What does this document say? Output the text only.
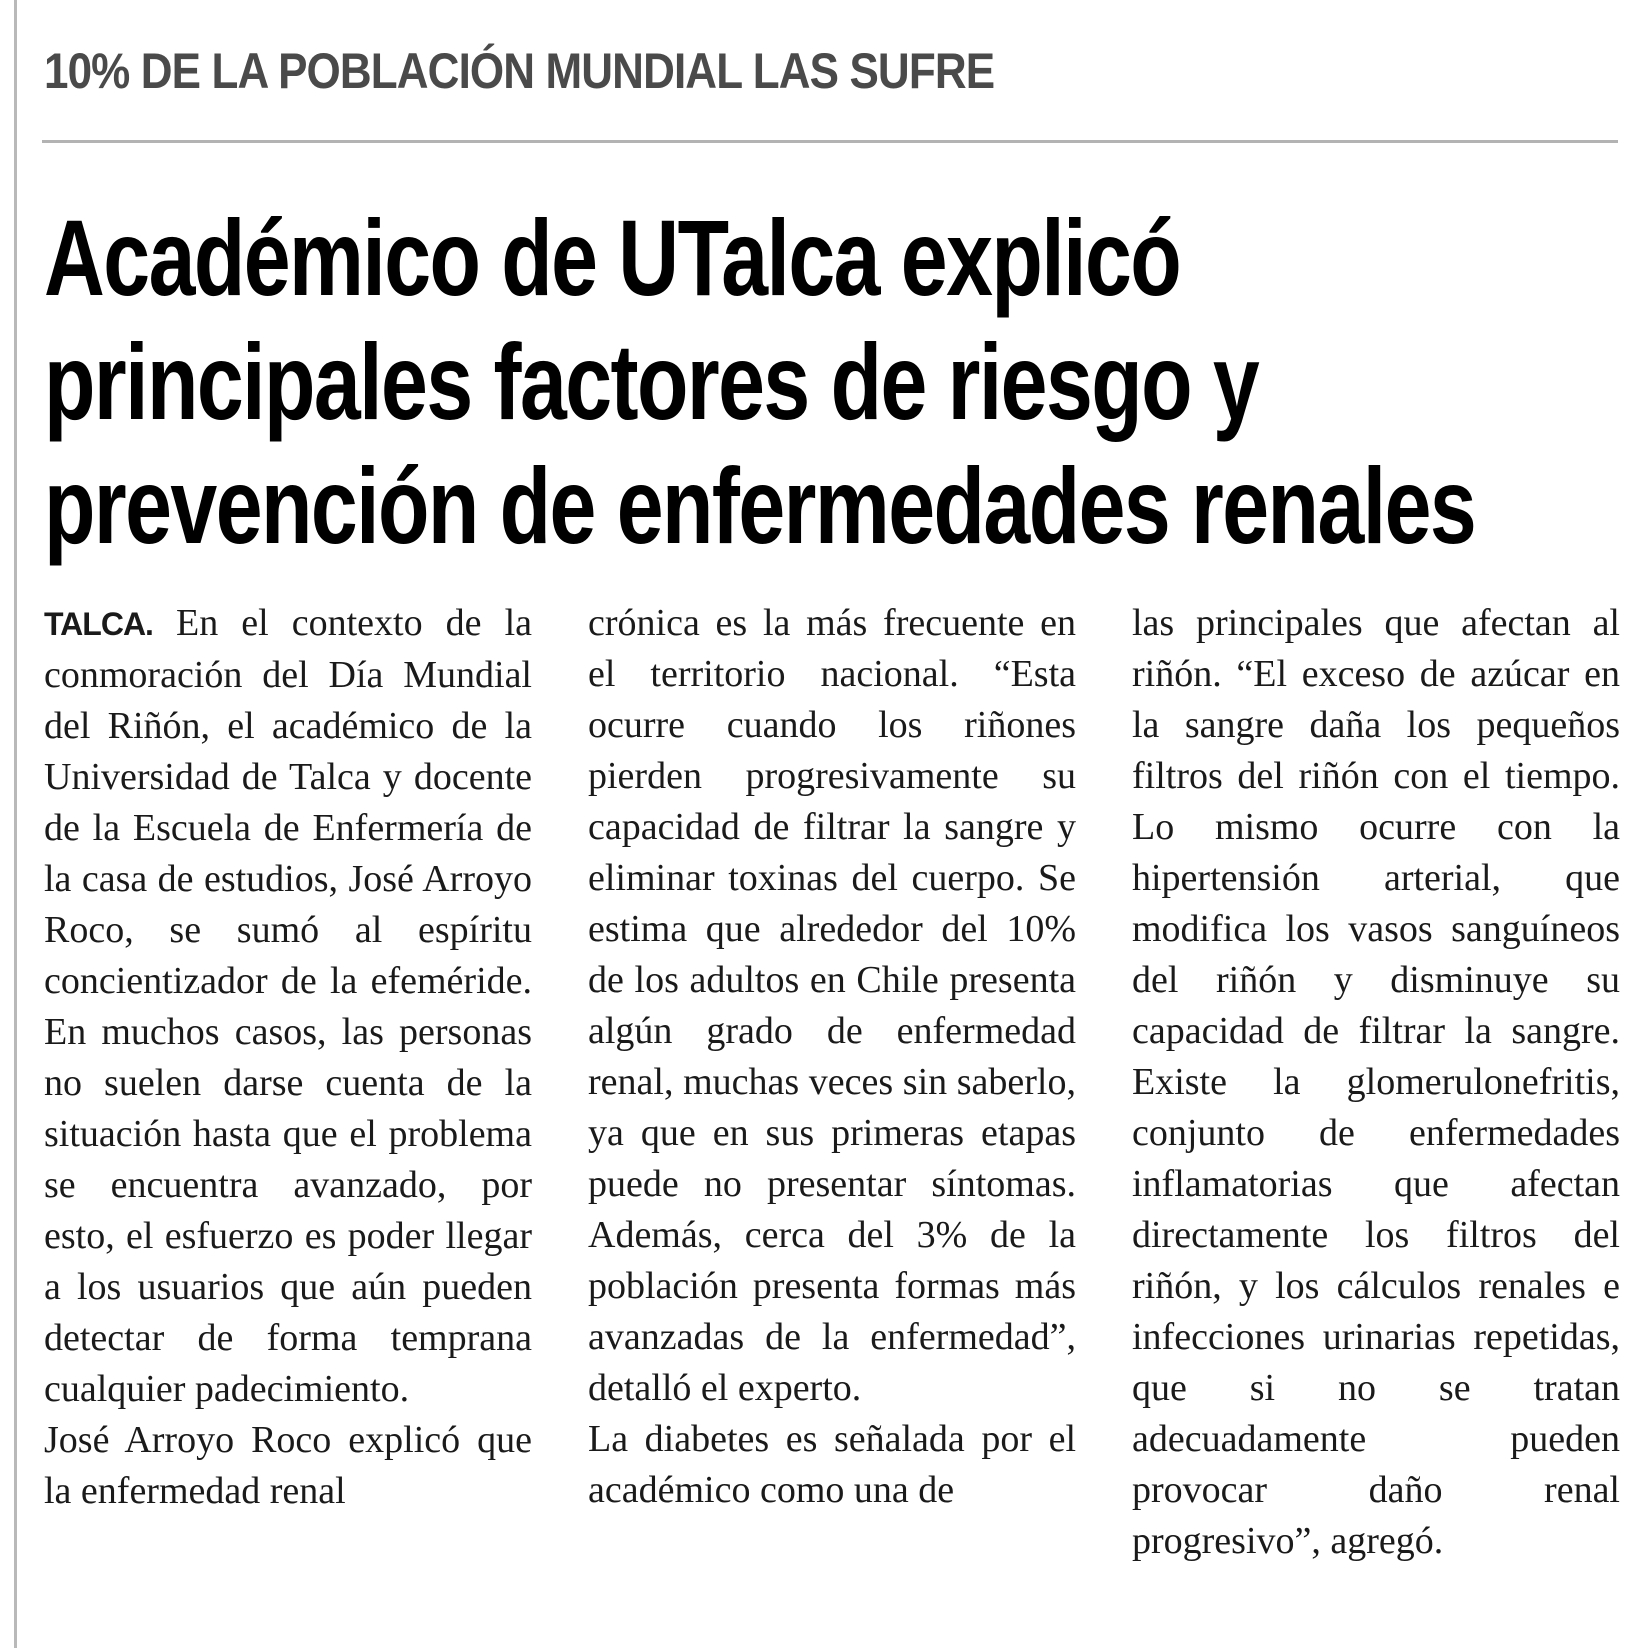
10% DE LA POBLACIÓN MUNDIAL LAS SUFRE
Académico de UTalca explicó
principales factores de riesgo y
prevención de enfermedades renales

TALCA. En el contexto de la conmoración del Día Mundial del Riñón, el académico de la Universidad de Talca y docente de la Escuela de Enfermería de la casa de estudios, José Arroyo Roco, se sumó al espíritu concientizador de la efeméride. En muchos casos, las personas no suelen darse cuenta de la situación hasta que el problema se encuentra avanzado, por esto, el esfuerzo es poder llegar a los usuarios que aún pueden detectar de forma temprana cualquier padecimiento.

José Arroyo Roco explicó que la enfermedad renal

crónica es la más frecuente en el territorio nacional. “Esta ocurre cuando los riñones pierden progresivamente su capacidad de filtrar la sangre y eliminar toxinas del cuerpo. Se estima que alrededor del 10% de los adultos en Chile presenta algún grado de enfermedad renal, muchas veces sin saberlo, ya que en sus primeras etapas puede no presentar síntomas. Además, cerca del 3% de la población presenta formas más avanzadas de la enfermedad”, detalló el experto.

La diabetes es señalada por el académico como una de

las principales que afectan al riñón. “El exceso de azúcar en la sangre daña los pequeños filtros del riñón con el tiempo. Lo mismo ocurre con la hipertensión arterial, que modifica los vasos sanguíneos del riñón y disminuye su capacidad de filtrar la sangre. Existe la glomerulonefritis, conjunto de enfermedades inflamatorias que afectan directamente los filtros del riñón, y los cálculos renales e infecciones urinarias repetidas, que si no se tratan adecuadamente pueden provocar daño renal progresivo”, agregó.
